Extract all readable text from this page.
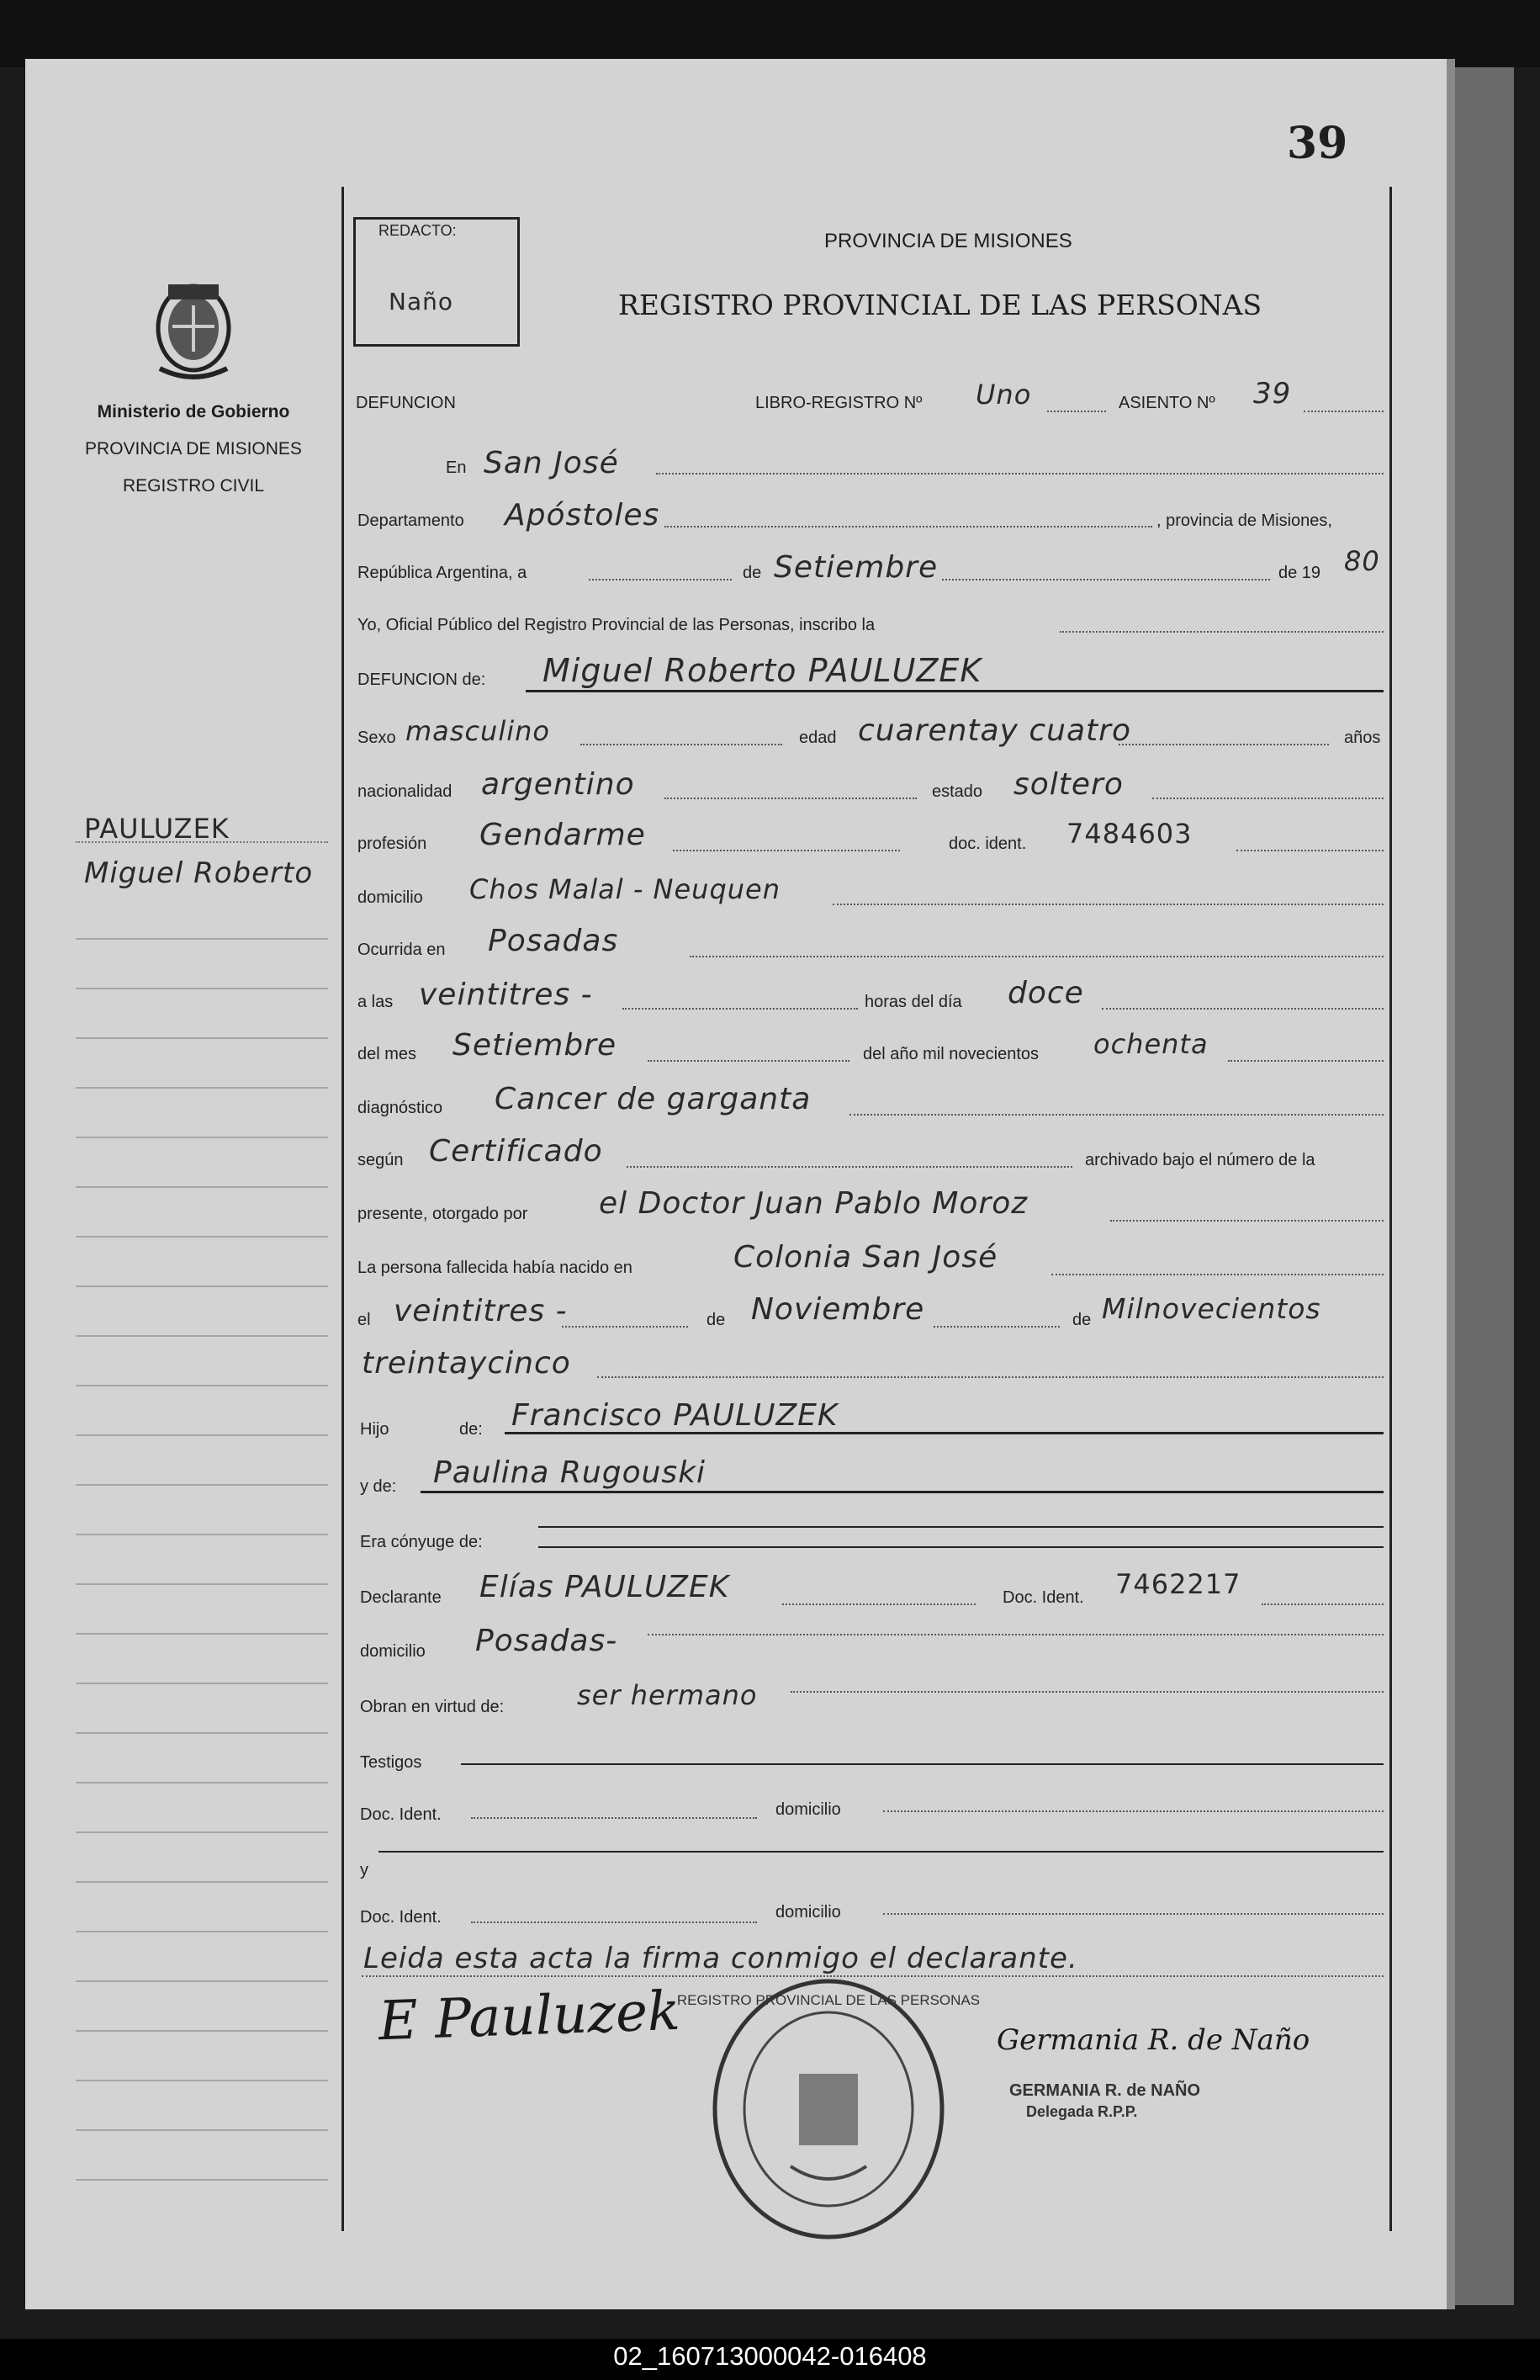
39
Ministerio de Gobierno
PROVINCIA DE MISIONES
REGISTRO CIVIL
PAULUZEK
Miguel Roberto
REDACTO:
Naño
PROVINCIA DE MISIONES
REGISTRO PROVINCIAL DE LAS PERSONAS
DEFUNCION	LIBRO-REGISTRO Nº Uno	ASIENTO Nº 39
En San José
Departamento Apóstoles	, provincia de Misiones,
República Argentina, a	de Setiembre	de 19 80
Yo, Oficial Público del Registro Provincial de las Personas, inscribo la
DEFUNCION de: Miguel Roberto PAULUZEK
Sexo masculino	edad cuarentay cuatro	años
nacionalidad argentino	estado soltero
profesión Gendarme	doc. ident. 7484603
domicilio Chos Malal - Neuquen
Ocurrida en Posadas
a las veintitres -	horas del día doce
del mes Setiembre	del año mil novecientos ochenta
diagnóstico Cancer de garganta
según Certificado	archivado bajo el número de la
presente, otorgado por el Doctor Juan Pablo Moroz
La persona fallecida había nacido en	Colonia San José
el veintitres -	de Noviembre	de Milnovecientos
treintaycinco
Hijo	de: Francisco PAULUZEK
y de: Paulina Rugouski
Era cónyuge de:
Declarante Elías PAULUZEK	Doc. Ident. 7462217
domicilio Posadas-
Obran en virtud de:	ser hermano
Testigos
Doc. Ident.	domicilio
y
Doc. Ident.	domicilio
Leida esta acta la firma conmigo el declarante.
E Pauluzek
REGISTRO PROVINCIAL DE LAS PERSONAS
Germania R. de Naño
GERMANIA R. de NAÑO
Delegada R.P.P.
02_160713000042-016408
